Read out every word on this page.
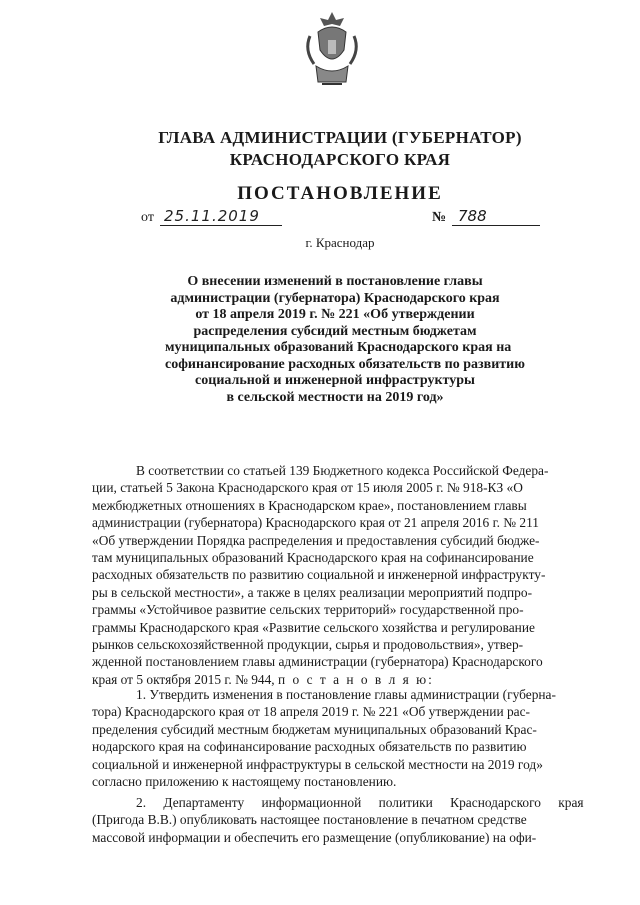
ГЛАВА АДМИНИСТРАЦИИ (ГУБЕРНАТОР)
КРАСНОДАРСКОГО КРАЯ
ПОСТАНОВЛЕНИЕ
от 25.11.2019	№ 788
г. Краснодар
О внесении изменений в постановление главы
администрации (губернатора) Краснодарского края
от 18 апреля 2019 г. № 221 «Об утверждении
распределения субсидий местным бюджетам
муниципальных образований Краснодарского края на
софинансирование расходных обязательств по развитию
социальной и инженерной инфраструктуры
в сельской местности на 2019 год»
В соответствии со статьей 139 Бюджетного кодекса Российской Федера-
ции, статьей 5 Закона Краснодарского края от 15 июля 2005 г. № 918-КЗ «О
межбюджетных отношениях в Краснодарском крае», постановлением главы
администрации (губернатора) Краснодарского края от 21 апреля 2016 г. № 211
«Об утверждении Порядка распределения и предоставления субсидий бюдже-
там муниципальных образований Краснодарского края на софинансирование
расходных обязательств по развитию социальной и инженерной инфраструкту-
ры в сельской местности», а также в целях реализации мероприятий подпро-
граммы «Устойчивое развитие сельских территорий» государственной про-
граммы Краснодарского края «Развитие сельского хозяйства и регулирование
рынков сельскохозяйственной продукции, сырья и продовольствия», утвер-
жденной постановлением главы администрации (губернатора) Краснодарского
края от 5 октября 2015 г. № 944, п о с т а н о в л я ю:
1. Утвердить изменения в постановление главы администрации (губерна-
тора) Краснодарского края от 18 апреля 2019 г. № 221 «Об утверждении рас-
пределения субсидий местным бюджетам муниципальных образований Крас-
нодарского края на софинансирование расходных обязательств по развитию
социальной и инженерной инфраструктуры в сельской местности на 2019 год»
согласно приложению к настоящему постановлению.
2. Департаменту информационной политики Краснодарского края
(Пригода В.В.) опубликовать настоящее постановление в печатном средстве
массовой информации и обеспечить его размещение (опубликование) на офи-
